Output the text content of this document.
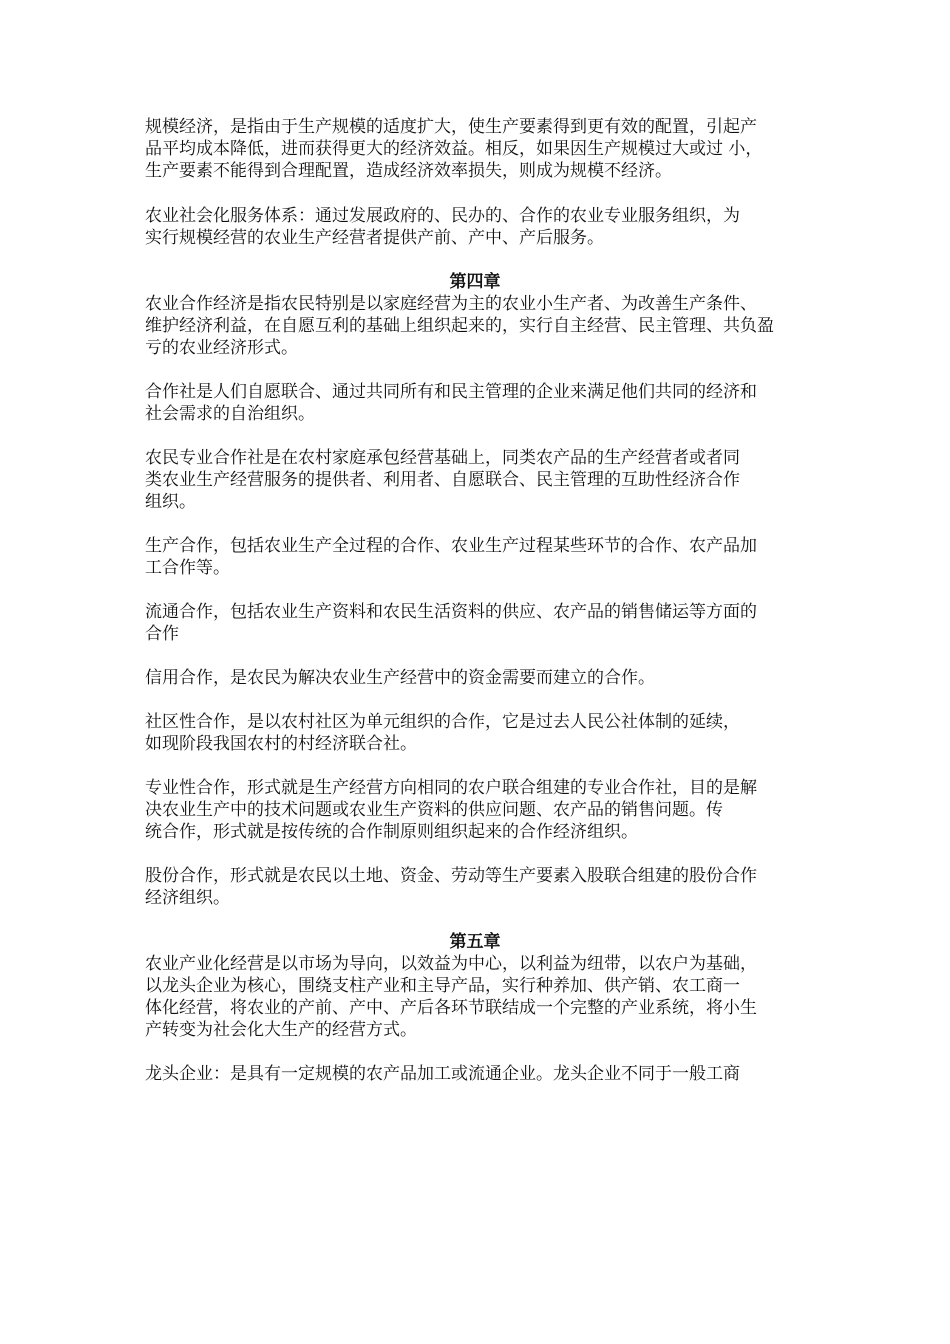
规模经济，是指由于生产规模的适度扩大，使生产要素得到更有效的配置，引起产
品平均成本降低，进而获得更大的经济效益。相反，如果因生产规模过大或过 小，
生产要素不能得到合理配置，造成经济效率损失，则成为规模不经济。
农业社会化服务体系：通过发展政府的、民办的、合作的农业专业服务组织，为
实行规模经营的农业生产经营者提供产前、产中、产后服务。
第四章
农业合作经济是指农民特别是以家庭经营为主的农业小生产者、为改善生产条件、
维护经济利益，在自愿互利的基础上组织起来的，实行自主经营、民主管理、共负盈
亏的农业经济形式。
合作社是人们自愿联合、通过共同所有和民主管理的企业来满足他们共同的经济和
社会需求的自治组织。
农民专业合作社是在农村家庭承包经营基础上，同类农产品的生产经营者或者同
类农业生产经营服务的提供者、利用者、自愿联合、民主管理的互助性经济合作
组织。
生产合作，包括农业生产全过程的合作、农业生产过程某些环节的合作、农产品加
工合作等。
流通合作，包括农业生产资料和农民生活资料的供应、农产品的销售储运等方面的
合作
信用合作，是农民为解决农业生产经营中的资金需要而建立的合作。
社区性合作，是以农村社区为单元组织的合作，它是过去人民公社体制的延续，
如现阶段我国农村的村经济联合社。
专业性合作，形式就是生产经营方向相同的农户联合组建的专业合作社，目的是解
决农业生产中的技术问题或农业生产资料的供应问题、农产品的销售问题。传
统合作，形式就是按传统的合作制原则组织起来的合作经济组织。
股份合作，形式就是农民以土地、资金、劳动等生产要素入股联合组建的股份合作
经济组织。
第五章
农业产业化经营是以市场为导向，以效益为中心，以利益为纽带，以农户为基础，
以龙头企业为核心，围绕支柱产业和主导产品，实行种养加、供产销、农工商一
体化经营，将农业的产前、产中、产后各环节联结成一个完整的产业系统，将小生
产转变为社会化大生产的经营方式。
龙头企业：是具有一定规模的农产品加工或流通企业。龙头企业不同于一般工商
